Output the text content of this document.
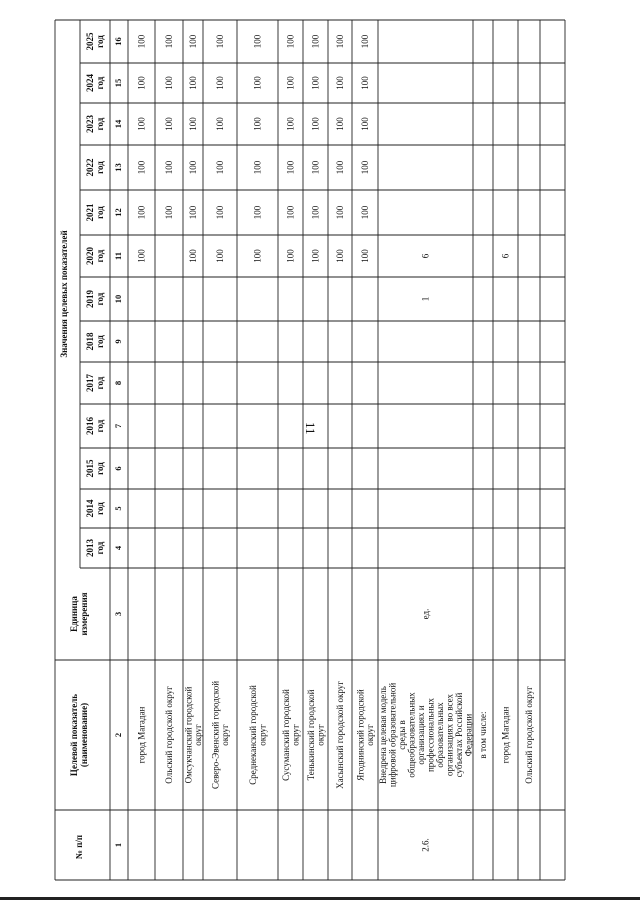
11
№ п/п
Целевой показатель (наименование)
Единица измерения
Значения целевых показателей
2013 год
2014 год
2015 год
2016 год
2017 год
2018 год
2019 год
2020 год
2021 год
2022 год
2023 год
2024 год
2025 год
1
2
3
4
5
6
7
8
9
10
11
12
13
14
15
16
город Магадан
100
100
100
100
100
100
Ольский городской округ
100
100
100
100
100
Омсукчанский городской округ
100
100
100
100
100
100
Северо-Эвенский городской округ
100
100
100
100
100
100
Среднеканский городской округ
100
100
100
100
100
100
Сусуманский городской округ
100
100
100
100
100
100
Тенькинский городской округ
100
100
100
100
100
100
Хасынский городской округ
100
100
100
100
100
100
Ягоднинский городской округ
100
100
100
100
100
100
2.6.
Внедрена целевая модель цифровой образовательной среды в общеобразовательных организациях и профессиональных образовательных организациях во всех субъектах Российской Федерации
ед.
1
6
в том числе: город Магадан
6
Ольский городской округ
